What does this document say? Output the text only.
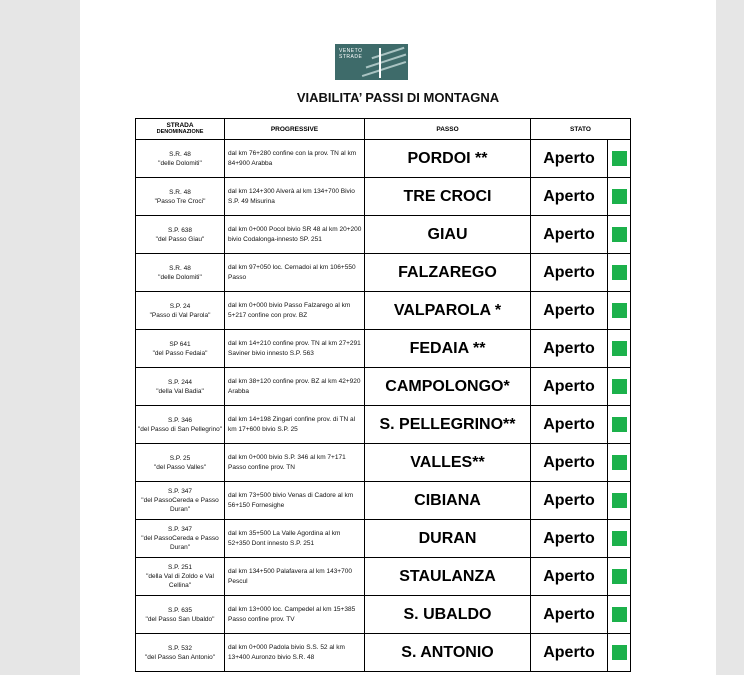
VENETO
STRADE
VIABILITA’ PASSI DI MONTAGNA
STRADA
DENOMINAZIONE	PROGRESSIVE	PASSO	STATO	

S.R. 48
"delle Dolomiti"	dal km 76+280 confine con la prov. TN al km 84+900 Arabba	PORDOI **	Aperto	

S.R. 48
"Passo Tre Croci"	dal km 124+300 Alverà al km 134+700 Bivio S.P. 49 Misurina	TRE CROCI	Aperto	

S.P. 638
"del Passo Giau"	dal km 0+000 Pocol bivio SR 48 al km 20+200 bivio Codalonga-innesto SP. 251	GIAU	Aperto	

S.R. 48
"delle Dolomiti"	dal km 97+050 loc. Cernadoi al km 106+550 Passo	FALZAREGO	Aperto	

S.P. 24
"Passo di Val Parola"	dal km 0+000 bivio Passo Falzarego al km 5+217 confine con prov. BZ	VALPAROLA *	Aperto	

SP 641
"del Passo Fedaia"	dal km 14+210 confine prov. TN al km 27+291 Saviner bivio innesto S.P. 563	FEDAIA **	Aperto	

S.P. 244
"della Val Badia"	dal km 38+120 confine prov. BZ al km 42+920 Arabba	CAMPOLONGO*	Aperto	

S.P. 346
"del Passo di San Pellegrino"	dal km 14+198 Zingari confine prov. di TN al km 17+600 bivio S.P. 25	S. PELLEGRINO**	Aperto	

S.P. 25
"del Passo Valles"	dal km 0+000 bivio S.P. 346 al km 7+171 Passo confine prov. TN	VALLES**	Aperto	

S.P. 347
"del PassoCereda e Passo Duran"	dal km 73+500 bivio Venas di Cadore al km 56+150 Fornesighe	CIBIANA	Aperto	

S.P. 347
"del PassoCereda e Passo Duran"	dal km 35+500 La Valle Agordina al km 52+350 Dont innesto S.P. 251	DURAN	Aperto	

S.P. 251
"della Val di Zoldo e Val Cellina"	dal km 134+500 Palafavera al km 143+700 Pescul	STAULANZA	Aperto	

S.P. 635
"del Passo San Ubaldo"	dal km 13+000 loc. Campedel al km 15+385 Passo confine prov. TV	S. UBALDO	Aperto	

S.P. 532
"del Passo San Antonio"	dal km 0+000 Padola bivio S.S. 52 al km 13+400 Auronzo bivio S.R. 48	S. ANTONIO	Aperto	
